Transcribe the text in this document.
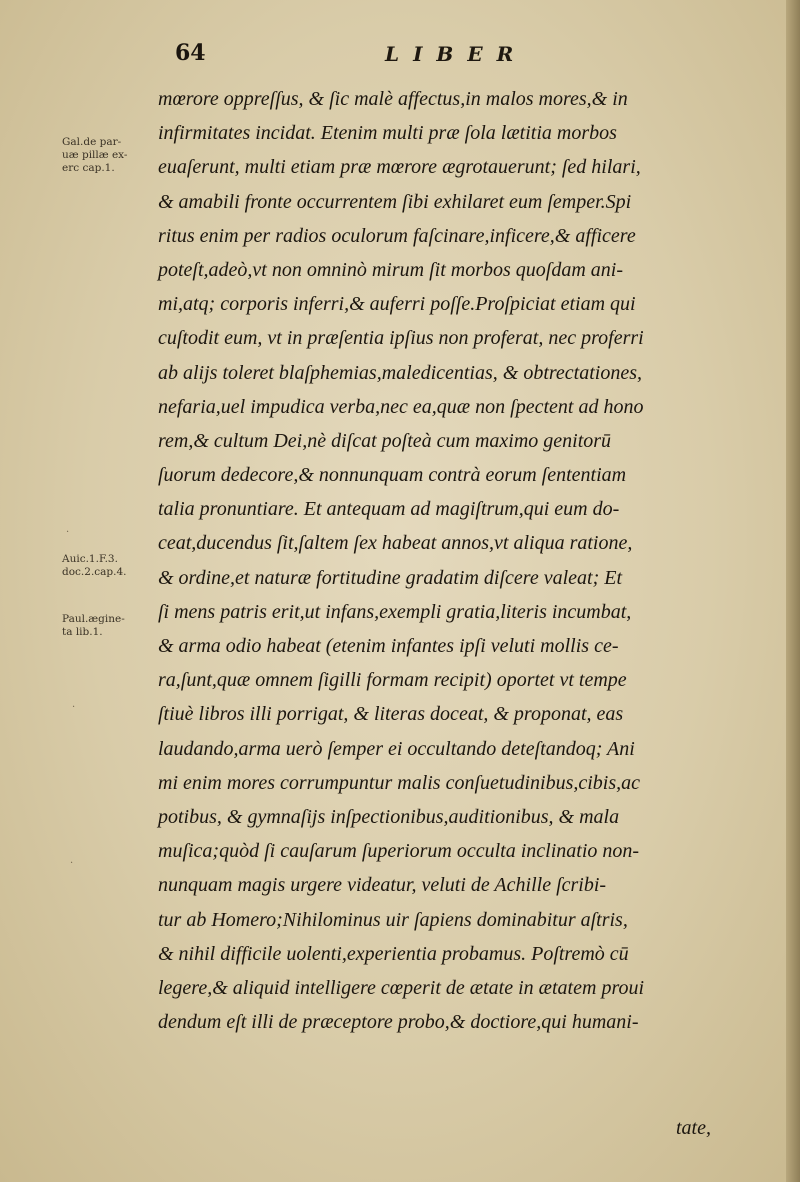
64	LIBER
Gal.de par-
uæ pillæ ex-
erc cap.1.
Auic.1.F.3.
doc.2.cap.4.
Paul.ægine-
ta lib.1.
·
·
·
mœrore oppreſſus, & ſic malè affectus,in malos mores,& in
infirmitates incidat. Etenim multi præ ſola lætitia morbos
euaſerunt, multi etiam præ mœrore ægrotauerunt; ſed hilari,
& amabili fronte occurrentem ſibi exhilaret eum ſemper.Spi
ritus enim per radios oculorum faſcinare,inficere,& afficere
poteſt,adeò,vt non omninò mirum ſit morbos quoſdam ani-
mi,atq; corporis inferri,& auferri poſſe.Proſpiciat etiam qui
cuſtodit eum, vt in præſentia ipſius non proferat, nec proferri
ab alijs toleret blaſphemias,maledicentias, & obtrectationes,
nefaria,uel impudica verba,nec ea,quæ non ſpectent ad hono
rem,& cultum Dei,nè diſcat poſteà cum maximo genitorū
ſuorum dedecore,& nonnunquam contrà eorum ſententiam
talia pronuntiare. Et antequam ad magiſtrum,qui eum do-
ceat,ducendus ſit,ſaltem ſex habeat annos,vt aliqua ratione,
& ordine,et naturæ fortitudine gradatim diſcere valeat; Et
ſi mens patris erit,ut infans,exempli gratia,literis incumbat,
& arma odio habeat (etenim infantes ipſi veluti mollis ce-
ra,ſunt,quæ omnem ſigilli formam recipit) oportet vt tempe
ſtiuè libros illi porrigat, & literas doceat, & proponat, eas
laudando,arma uerò ſemper ei occultando deteſtandoq; Ani
mi enim mores corrumpuntur malis conſuetudinibus,cibis,ac
potibus, & gymnaſijs inſpectionibus,auditionibus, & mala
muſica;quòd ſi cauſarum ſuperiorum occulta inclinatio non-
nunquam magis urgere videatur, veluti de Achille ſcribi-
tur ab Homero;Nihilominus uir ſapiens dominabitur aſtris,
& nihil difficile uolenti,experientia probamus. Poſtremò cū
legere,& aliquid intelligere cœperit de ætate in ætatem proui
dendum eſt illi de præceptore probo,& doctiore,qui humani-
tate,
